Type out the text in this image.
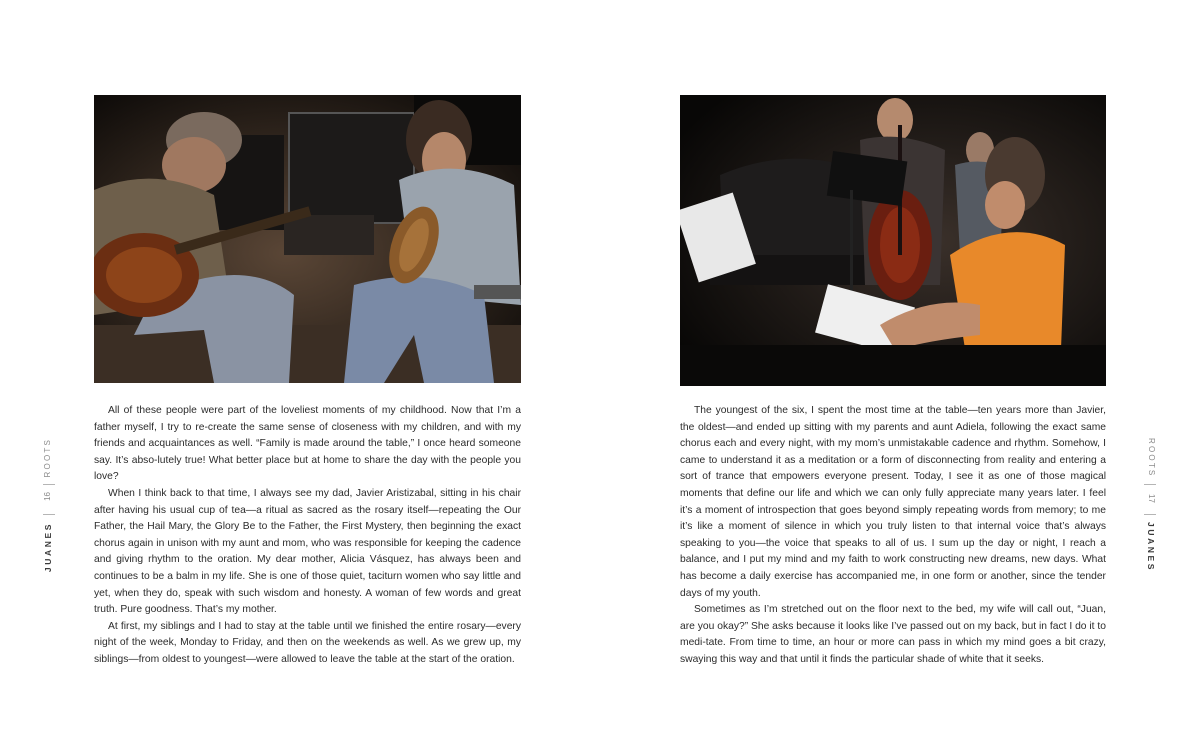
All of these people were part of the loveliest moments of my childhood. Now that I’m a father myself, I try to re-create the same sense of closeness with my children, and with my friends and acquaintances as well. “Family is made around the table,” I once heard someone say. It’s abso-lutely true! What better place but at home to share the day with the people you love?

When I think back to that time, I always see my dad, Javier Aristizabal, sitting in his chair after having his usual cup of tea—a ritual as sacred as the rosary itself—repeating the Our Father, the Hail Mary, the Glory Be to the Father, the First Mystery, then beginning the exact chorus again in unison with my aunt and mom, who was responsible for keeping the cadence and giving rhythm to the oration. My dear mother, Alicia Vásquez, has always been and continues to be a balm in my life. She is one of those quiet, taciturn women who say little and yet, when they do, speak with such wisdom and honesty. A woman of few words and great truth. Pure goodness. That’s my mother.

At first, my siblings and I had to stay at the table until we finished the entire rosary—every night of the week, Monday to Friday, and then on the weekends as well. As we grew up, my siblings—from oldest to youngest—were allowed to leave the table at the start of the oration.

ROOTS
16
JUANES

The youngest of the six, I spent the most time at the table—ten years more than Javier, the oldest—and ended up sitting with my parents and aunt Adiela, following the exact same chorus each and every night, with my mom’s unmistakable cadence and rhythm. Somehow, I came to understand it as a meditation or a form of disconnecting from reality and entering a sort of trance that empowers everyone present. Today, I see it as one of those magical moments that define our life and which we can only fully appreciate many years later. I feel it’s a moment of introspection that goes beyond simply repeating words from memory; to me it’s like a moment of silence in which you truly listen to that internal voice that’s always speaking to you—the voice that speaks to all of us. I sum up the day or night, I reach a balance, and I put my mind and my faith to work constructing new dreams, new days. What has become a daily exercise has accompanied me, in one form or another, since the tender days of my youth.

Sometimes as I’m stretched out on the floor next to the bed, my wife will call out, “Juan, are you okay?” She asks because it looks like I’ve passed out on my back, but in fact I do it to medi-tate. From time to time, an hour or more can pass in which my mind goes a bit crazy, swaying this way and that until it finds the particular shade of white that it seeks.

ROOTS
17
JUANES
